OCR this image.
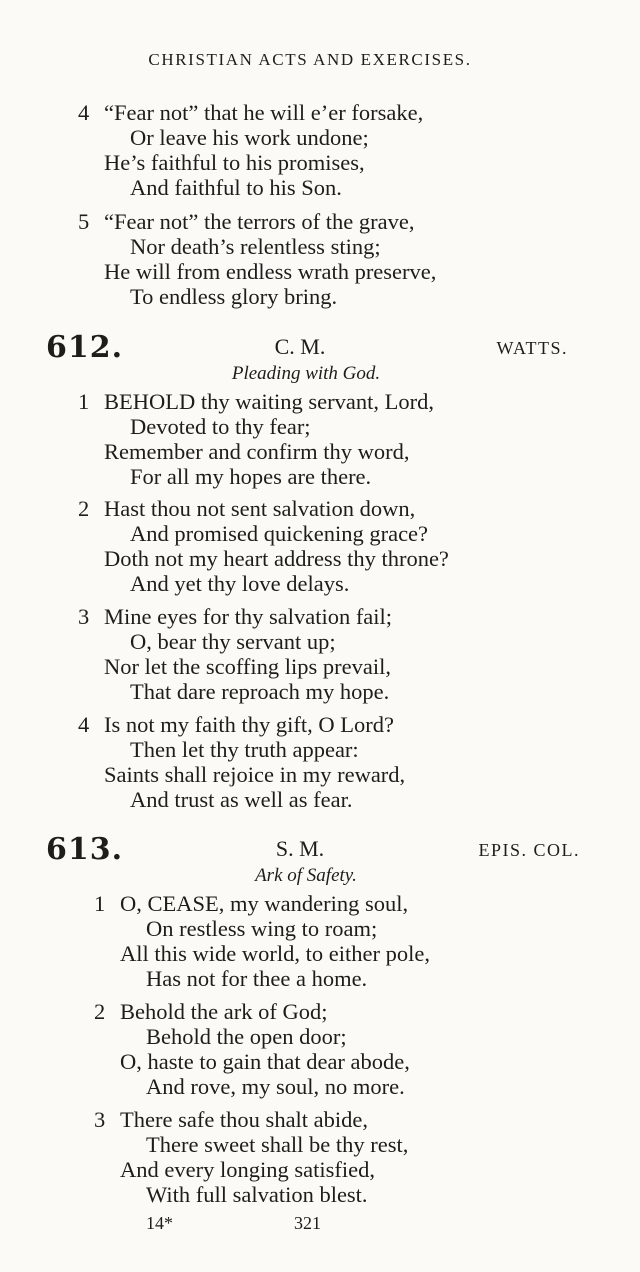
CHRISTIAN ACTS AND EXERCISES.
4 “Fear not” that he will e’er forsake,
Or leave his work undone;
He’s faithful to his promises,
And faithful to his Son.
5 “Fear not” the terrors of the grave,
Nor death’s relentless sting;
He will from endless wrath preserve,
To endless glory bring.
612.	C. M.	WATTS.
Pleading with God.
1 BEHOLD thy waiting servant, Lord,
Devoted to thy fear;
Remember and confirm thy word,
For all my hopes are there.
2 Hast thou not sent salvation down,
And promised quickening grace?
Doth not my heart address thy throne?
And yet thy love delays.
3 Mine eyes for thy salvation fail;
O, bear thy servant up;
Nor let the scoffing lips prevail,
That dare reproach my hope.
4 Is not my faith thy gift, O Lord?
Then let thy truth appear:
Saints shall rejoice in my reward,
And trust as well as fear.
613.	S. M.	EPIS. COL.
Ark of Safety.
1 O, CEASE, my wandering soul,
On restless wing to roam;
All this wide world, to either pole,
Has not for thee a home.
2 Behold the ark of God;
Behold the open door;
O, haste to gain that dear abode,
And rove, my soul, no more.
3 There safe thou shalt abide,
There sweet shall be thy rest,
And every longing satisfied,
With full salvation blest.
14*	321
